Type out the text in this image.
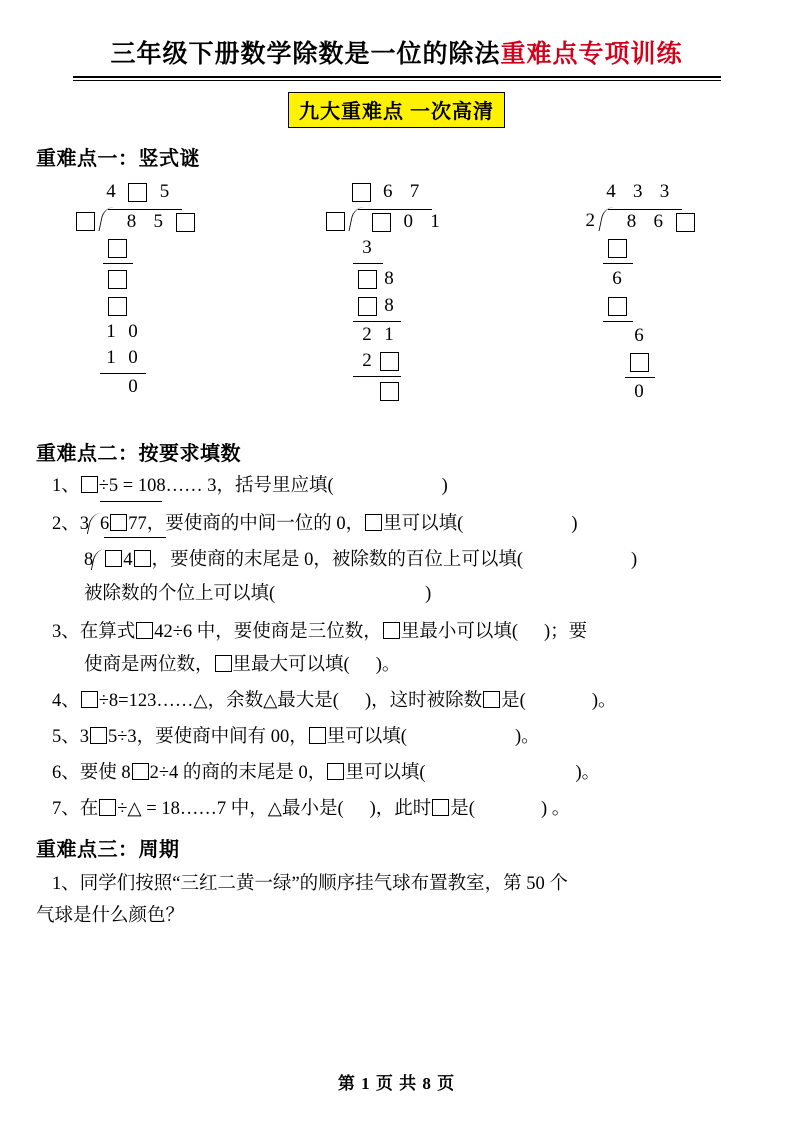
三年级下册数学除数是一位的除法重难点专项训练
九大重难点 一次高清
重难点一：竖式谜
4 5

8 5
1 0
1 0
0
6 7

0 1
3
8
8
2 1
2
4 3 3
2 8 6
6
6
0
重难点二：按要求填数
1、 ÷5 = 108…… 3，括号里应填(	)
2、3 6 77，要使商的中间一位的 0， 里可以填(	)
8 4 ，要使商的末尾是 0，被除数的百位上可以填(	)
被除数的个位上可以填(	)
3、在算式 42÷6 中，要使商是三位数， 里最小可以填( )；要
使商是两位数， 里最大可以填( )。
4、 ÷8=123……△，余数△最大是( )，这时被除数 是(	)。
5、3 5÷3，要使商中间有 00， 里可以填(	)。
6、要使 8 2÷4 的商的末尾是 0， 里可以填(	)。
7、在 ÷△ = 18……7 中，△最小是( )，此时 是(	) 。
重难点三：周期
1、同学们按照“三红二黄一绿”的顺序挂气球布置教室，第 50 个
气球是什么颜色？
第 1 页 共 8 页
